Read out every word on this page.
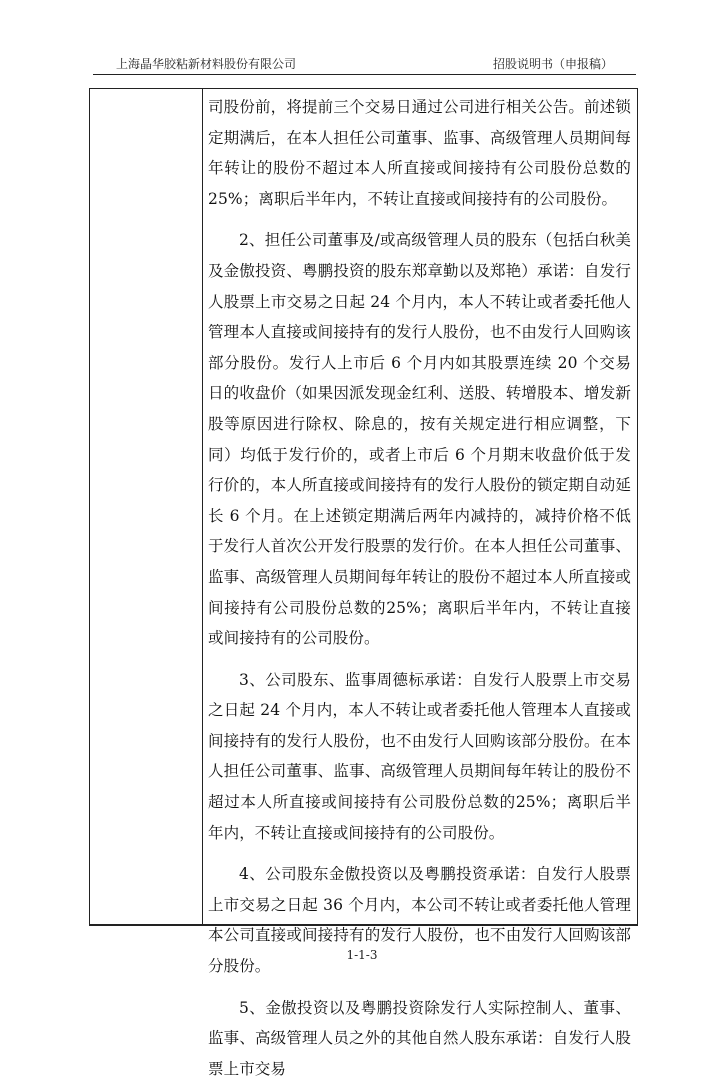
上海晶华胶粘新材料股份有限公司	招股说明书（申报稿）

司股份前，将提前三个交易日通过公司进行相关公告。前述锁定期满后，在本人担任公司董事、监事、高级管理人员期间每年转让的股份不超过本人所直接或间接持有公司股份总数的25%；离职后半年内，不转让直接或间接持有的公司股份。

2、担任公司董事及/或高级管理人员的股东（包括白秋美及金傲投资、粤鹏投资的股东郑章勤以及郑艳）承诺：自发行人股票上市交易之日起 24 个月内，本人不转让或者委托他人管理本人直接或间接持有的发行人股份，也不由发行人回购该部分股份。发行人上市后 6 个月内如其股票连续 20 个交易日的收盘价（如果因派发现金红利、送股、转增股本、增发新股等原因进行除权、除息的，按有关规定进行相应调整，下同）均低于发行价的，或者上市后 6 个月期末收盘价低于发行价的，本人所直接或间接持有的发行人股份的锁定期自动延长 6 个月。在上述锁定期满后两年内减持的，减持价格不低于发行人首次公开发行股票的发行价。在本人担任公司董事、监事、高级管理人员期间每年转让的股份不超过本人所直接或间接持有公司股份总数的25%；离职后半年内，不转让直接或间接持有的公司股份。

3、公司股东、监事周德标承诺：自发行人股票上市交易之日起 24 个月内，本人不转让或者委托他人管理本人直接或间接持有的发行人股份，也不由发行人回购该部分股份。在本人担任公司董事、监事、高级管理人员期间每年转让的股份不超过本人所直接或间接持有公司股份总数的25%；离职后半年内，不转让直接或间接持有的公司股份。

4、公司股东金傲投资以及粤鹏投资承诺：自发行人股票上市交易之日起 36 个月内，本公司不转让或者委托他人管理本公司直接或间接持有的发行人股份，也不由发行人回购该部分股份。

5、金傲投资以及粤鹏投资除发行人实际控制人、董事、监事、高级管理人员之外的其他自然人股东承诺：自发行人股票上市交易

1-1-3
